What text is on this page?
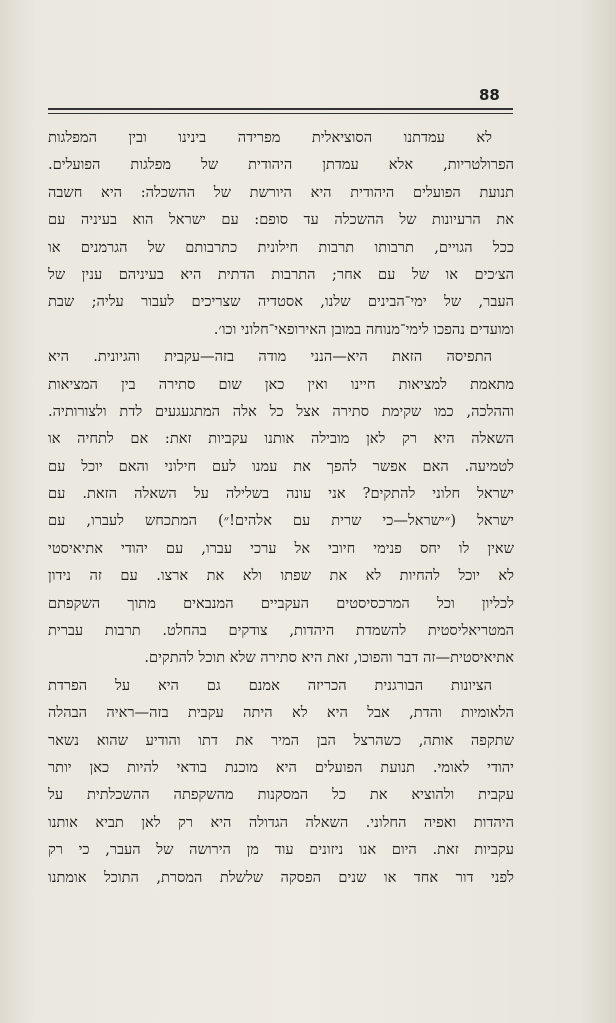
88
לא עמדתנו הסוציאלית מפרידה בינינו ובין המפלגות
הפרולטריות, אלא עמדתן היהודית של מפלגות הפועלים.
תנועת הפועלים היהודית היא היורשת של ההשכלה: היא חשבה
את הרעיונות של ההשכלה עד סופם: עם ישראל הוא בעיניה עם
ככל הגויים, תרבותו תרבות חילונית כתרבותם של הגרמנים או
הצ׳כים או של עם אחר; התרבות הדתית היא בעיניהם ענין של
העבר, של ימי־הבינים שלנו, אסטדיה שצריכים לעבור עליה; שבת
ומועדים נהפכו לימי־מנוחה במובן האירופאי־חלוני וכו׳.
התפיסה הזאת היא—הנני מודה בזה—עקבית והגיונית. היא
מתאמת למציאות חיינו ואין כאן שום סתירה בין המציאות
וההלכה, כמו שקימת סתירה אצל כל אלה המתגעגעים לדת ולצורותיה.
השאלה היא רק לאן מובילה אותנו עקביות זאת: אם לתחיה או
לטמיעה. האם אפשר להפך את עמנו לעם חילוני והאם יוכל עם
ישראל חלוני להתקים? אני עונה בשלילה על השאלה הזאת. עם
ישראל (״ישראל—כי שרית עם אלהים!״) המתכחש לעברו, עם
שאין לו יחס פנימי חיובי אל ערכי עברו, עם יהודי אתיאיסטי
לא יוכל להחיות לא את שפתו ולא את ארצו. עם זה נידון
לכליון וכל המרכסיסטים העקביים המנבאים מתוך השקפתם
המטריאליסטית להשמדת היהדות, צודקים בהחלט. תרבות עברית
אתיאיסטית—זה דבר והפוכו, זאת היא סתירה שלא תוכל להתקים.
הציונות הבורגנית הכריזה אמנם גם היא על הפרדת
הלאומיות והדת, אבל היא לא היתה עקבית בזה—ראיה הבהלה
שתקפה אותה, כשהרצל הבן המיר את דתו והודיע שהוא נשאר
יהודי לאומי. תנועת הפועלים היא מוכנת בודאי להיות כאן יותר
עקבית ולהוציא את כל המסקנות מהשקפתה ההשכלתית על
היהדות ואפיה החלוני. השאלה הגדולה היא רק לאן תביא אותנו
עקביות זאת. היום אנו ניזונים עוד מן הירושה של העבר, כי רק
לפני דור אחד או שנים הפסקה שלשלת המסרת, התוכל אומתנו
